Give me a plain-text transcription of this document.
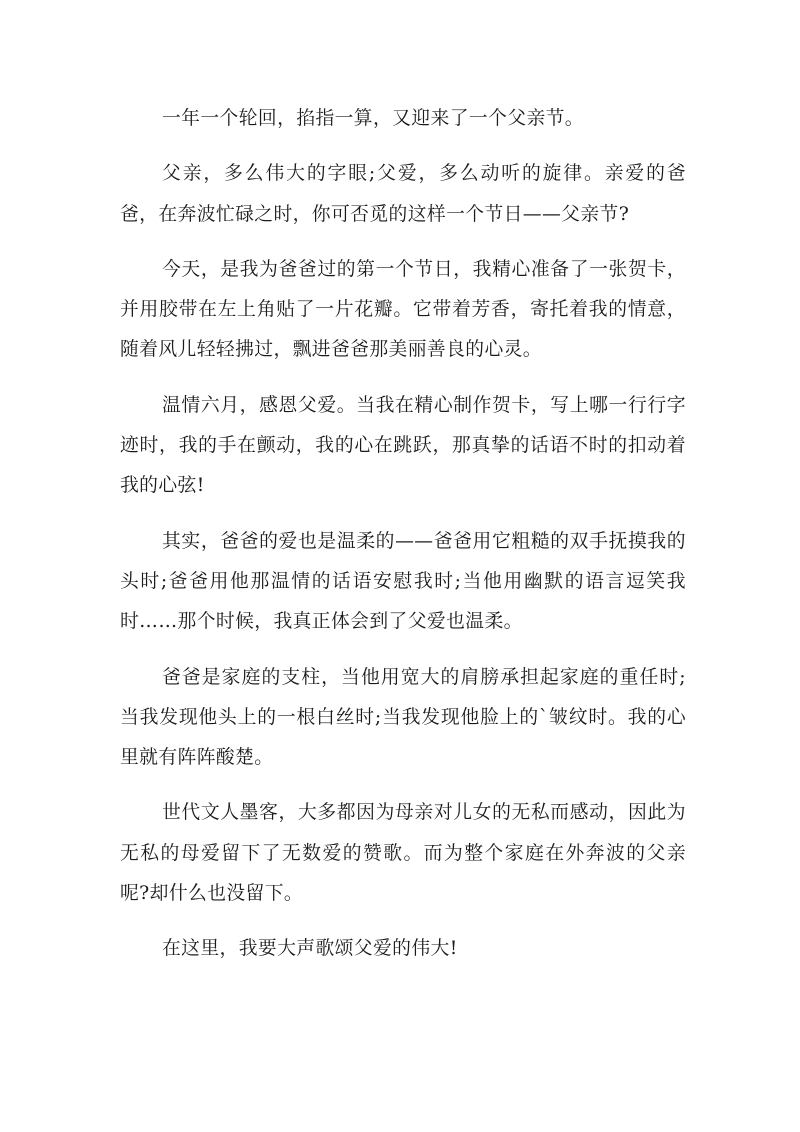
一年一个轮回，掐指一算，又迎来了一个父亲节。

父亲，多么伟大的字眼;父爱，多么动听的旋律。亲爱的爸爸，在奔波忙碌之时，你可否觅的这样一个节日——父亲节?

今天，是我为爸爸过的第一个节日，我精心准备了一张贺卡，并用胶带在左上角贴了一片花瓣。它带着芳香，寄托着我的情意，随着风儿轻轻拂过，飘进爸爸那美丽善良的心灵。

温情六月，感恩父爱。当我在精心制作贺卡，写上哪一行行字迹时，我的手在颤动，我的心在跳跃，那真挚的话语不时的扣动着我的心弦!

其实，爸爸的爱也是温柔的——爸爸用它粗糙的双手抚摸我的头时;爸爸用他那温情的话语安慰我时;当他用幽默的语言逗笑我时……那个时候，我真正体会到了父爱也温柔。

爸爸是家庭的支柱，当他用宽大的肩膀承担起家庭的重任时;当我发现他头上的一根白丝时;当我发现他脸上的`皱纹时。我的心里就有阵阵酸楚。

世代文人墨客，大多都因为母亲对儿女的无私而感动，因此为无私的母爱留下了无数爱的赞歌。而为整个家庭在外奔波的父亲呢?却什么也没留下。

在这里，我要大声歌颂父爱的伟大!
